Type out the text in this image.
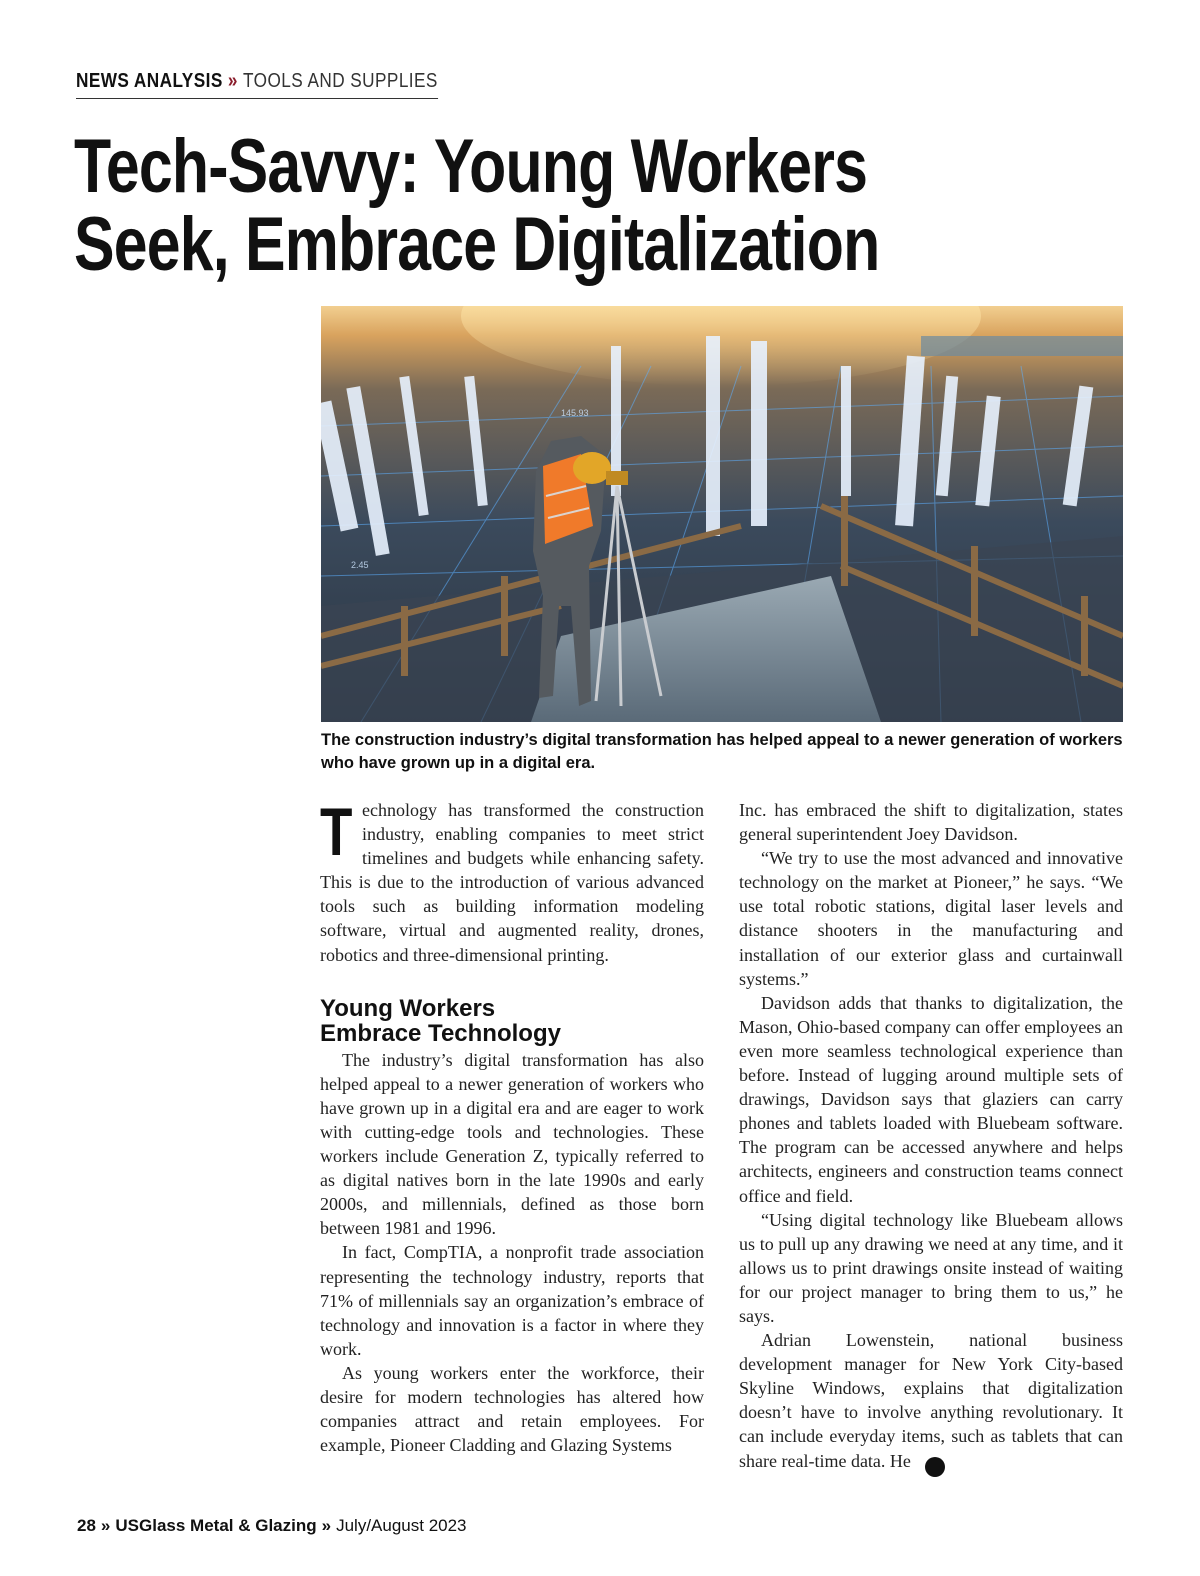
NEWS ANALYSIS » TOOLS AND SUPPLIES
Tech-Savvy: Young Workers
Seek, Embrace Digitalization
145.93
2.45
The construction industry’s digital transformation has helped appeal to a newer generation of workers who have grown up in a digital era.

Technology has transformed the construction industry, enabling companies to meet strict timelines and budgets while enhancing safety. This is due to the introduction of various advanced tools such as building information modeling software, virtual and augmented reality, drones, robotics and three-dimensional printing.

Young Workers
Embrace Technology

The industry’s digital transformation has also helped appeal to a newer generation of workers who have grown up in a digital era and are eager to work with cutting-edge tools and technologies. These workers include Generation Z, typically referred to as digital natives born in the late 1990s and early 2000s, and millennials, defined as those born between 1981 and 1996.

In fact, CompTIA, a nonprofit trade association representing the technology industry, reports that 71% of millennials say an organization’s embrace of technology and innovation is a factor in where they work.

As young workers enter the workforce, their desire for modern technologies has altered how companies attract and retain employees. For example, Pioneer Cladding and Glazing Systems

Inc. has embraced the shift to digitalization, states general superintendent Joey Davidson.

“We try to use the most advanced and innovative technology on the market at Pioneer,” he says. “We use total robotic stations, digital laser levels and distance shooters in the manufacturing and installation of our exterior glass and curtainwall systems.”

Davidson adds that thanks to digitalization, the Mason, Ohio-based company can offer employees an even more seamless technological experience than before. Instead of lugging around multiple sets of drawings, Davidson says that glaziers can carry phones and tablets loaded with Bluebeam software. The program can be accessed anywhere and helps architects, engineers and construction teams connect office and field.

“Using digital technology like Bluebeam allows us to pull up any drawing we need at any time, and it allows us to print drawings onsite instead of waiting for our project manager to bring them to us,” he says.

Adrian Lowenstein, national business development manager for New York City-based Skyline Windows, explains that digitalization doesn’t have to involve anything revolutionary. It can include everyday items, such as tablets that can share real-time data. He	➜

28 » USGlass Metal & Glazing » July/August 2023
